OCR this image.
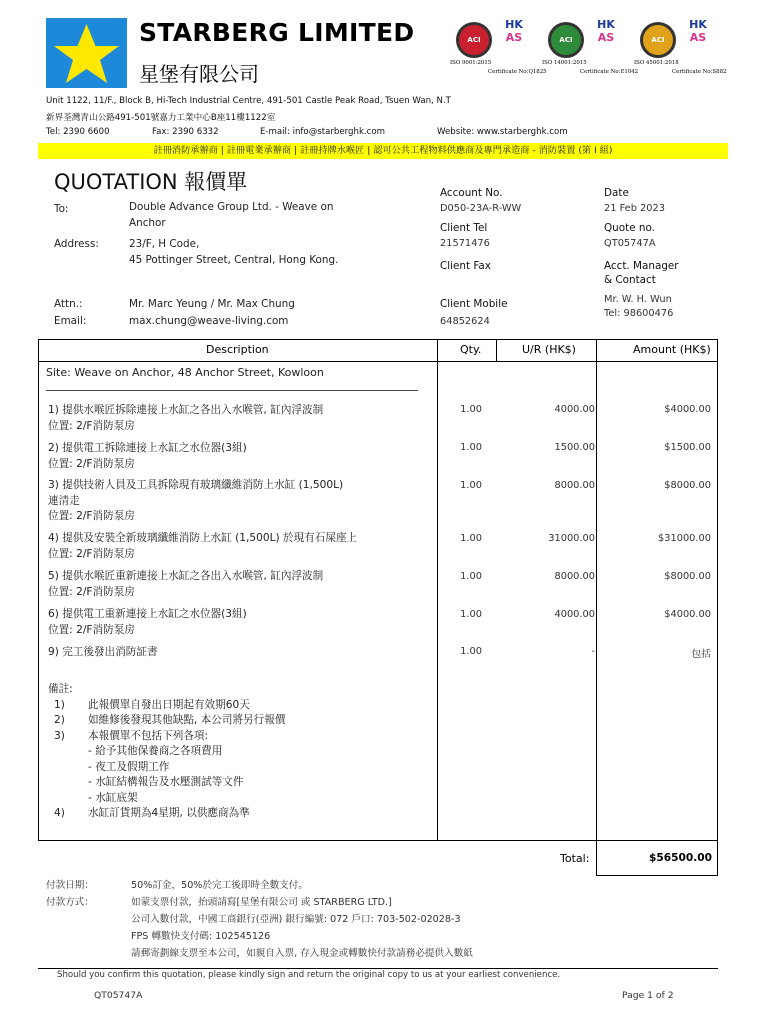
STARBERG LIMITED
星堡有限公司
ACI
HK
AS
ISO 9001:2015
Certificate No:Q1825
ACI
HK
AS
ISO 14001:2015
Certificate No:E1042
ACI
HK
AS
ISO 45001:2018
Certificate No:S882
Unit 1122, 11/F., Block B, Hi-Tech Industrial Centre, 491-501 Castle Peak Road, Tsuen Wan, N.T
新界荃灣青山公路491-501號嘉力工業中心B座11樓1122室
Tel: 2390 6600	Fax: 2390 6332	E-mail: info@starberghk.com	Website: www.starberghk.com
註冊消防承辦商 | 註冊電業承辦商 | 註冊持牌水喉匠 | 認可公共工程物料供應商及專門承造商 - 消防裝置 (第 I 組)
QUOTATION 報價單
To:	Double Advance Group Ltd. - Weave on
Anchor
Address:	23/F, H Code,
45 Pottinger Street, Central, Hong Kong.
Attn.:	Mr. Marc Yeung / Mr. Max Chung
Email:	max.chung@weave-living.com
Account No.
D050-23A-R-WW
Date
21 Feb 2023
Client Tel
21571476
Quote no.
QT05747A
Client Fax	Acct. Manager
& Contact
Mr. W. H. Wun
Tel: 98600476
Client Mobile
64852624
Description	Qty.	U/R (HK$)	Amount (HK$)
Site: Weave on Anchor, 48 Anchor Street, Kowloon
1) 提供水喉匠拆除連接上水缸之各出入水喉管, 缸內浮波制
位置: 2/F消防泵房
1.00	4000.00	$4000.00
2) 提供電工拆除連接上水缸之水位器(3組)
位置: 2/F消防泵房
1.00	1500.00	$1500.00
3) 提供技術人員及工具拆除現有玻璃纖維消防上水缸 (1,500L)
連清走
位置: 2/F消防泵房
1.00	8000.00	$8000.00
4) 提供及安裝全新玻璃纖維消防上水缸 (1,500L) 於現有石屎座上
位置: 2/F消防泵房
1.00	31000.00	$31000.00
5) 提供水喉匠重新連接上水缸之各出入水喉管, 缸內浮波制
位置: 2/F消防泵房
1.00	8000.00	$8000.00
6) 提供電工重新連接上水缸之水位器(3組)
位置: 2/F消防泵房
1.00	4000.00	$4000.00
9) 完工後發出消防証書	1.00	-	包括
備註:
1)	此報價單自發出日期起有效期60天
2)	如維修後發現其他缺點, 本公司將另行報價
3)	本報價單不包括下列各項:
- 給予其他保養商之各項費用
- 夜工及假期工作
- 水缸結構報告及水壓測試等文件
- 水缸底架
4)	水缸訂貨期為4星期, 以供應商為準
Total:	$56500.00
付款日期：	50%訂金，50%於完工後即時全數支付。
付款方式：	如蒙支票付款，抬頭請寫[星堡有限公司 或 STARBERG LTD.]
公司入數付款，中國工商銀行(亞洲) 銀行編號: 072 戶口: 703-502-02028-3
FPS 轉數快支付碼: 102545126
請郵寄劃線支票至本公司，如親自入票, 存入現金或轉數快付款請務必提供入數紙
Should you confirm this quotation, please kindly sign and return the original copy to us at your earliest convenience.
QT05747A	Page 1 of 2
